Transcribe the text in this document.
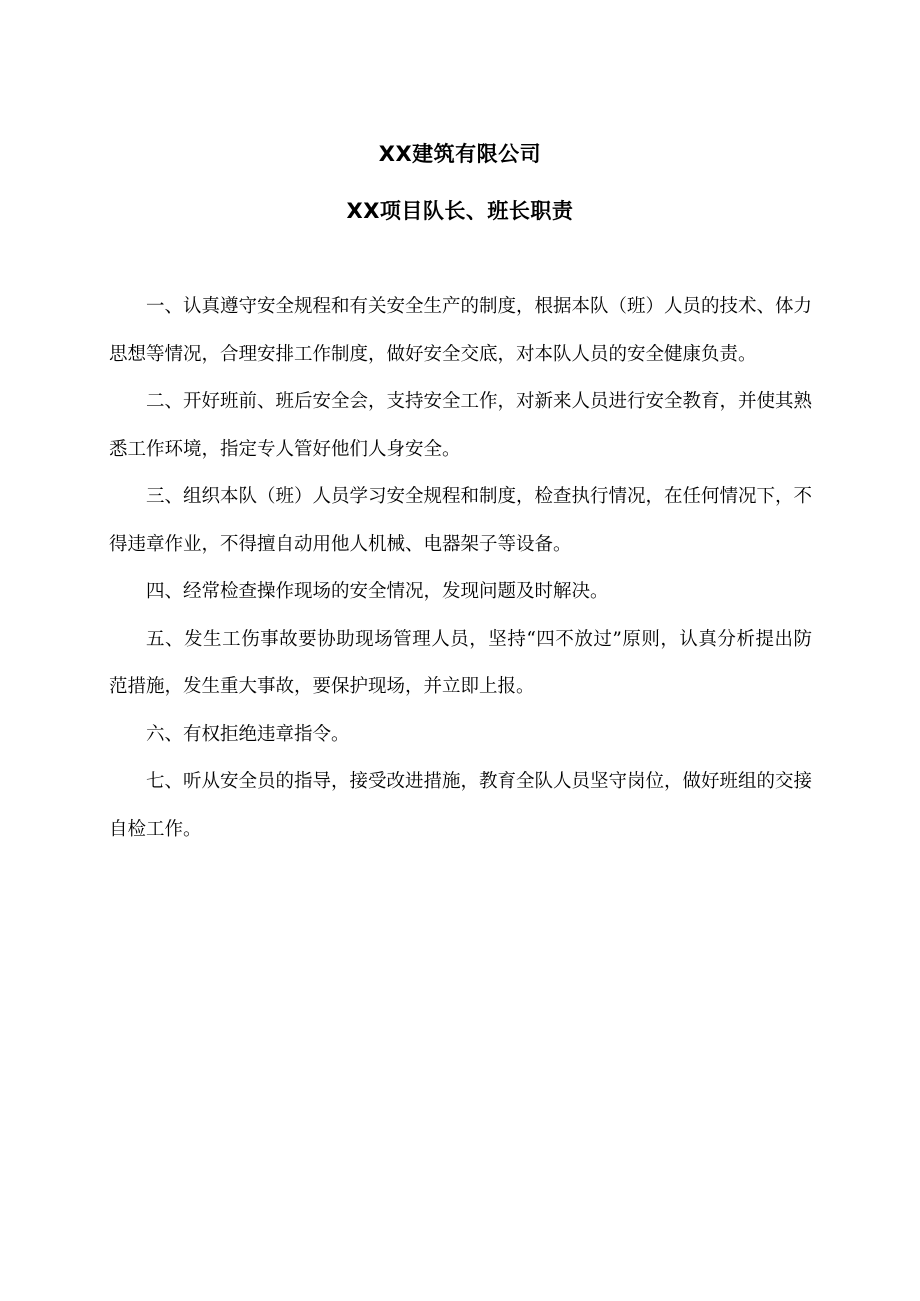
XX建筑有限公司
XX项目队长、班长职责

一、认真遵守安全规程和有关安全生产的制度，根据本队（班）人员的技术、体力思想等情况，合理安排工作制度，做好安全交底，对本队人员的安全健康负责。

二、开好班前、班后安全会，支持安全工作，对新来人员进行安全教育，并使其熟悉工作环境，指定专人管好他们人身安全。

三、组织本队（班）人员学习安全规程和制度，检查执行情况，在任何情况下，不得违章作业，不得擅自动用他人机械、电器架子等设备。

四、经常检查操作现场的安全情况，发现问题及时解决。

五、发生工伤事故要协助现场管理人员，坚持“四不放过”原则，认真分析提出防范措施，发生重大事故，要保护现场，并立即上报。

六、有权拒绝违章指令。

七、听从安全员的指导，接受改进措施，教育全队人员坚守岗位，做好班组的交接自检工作。
